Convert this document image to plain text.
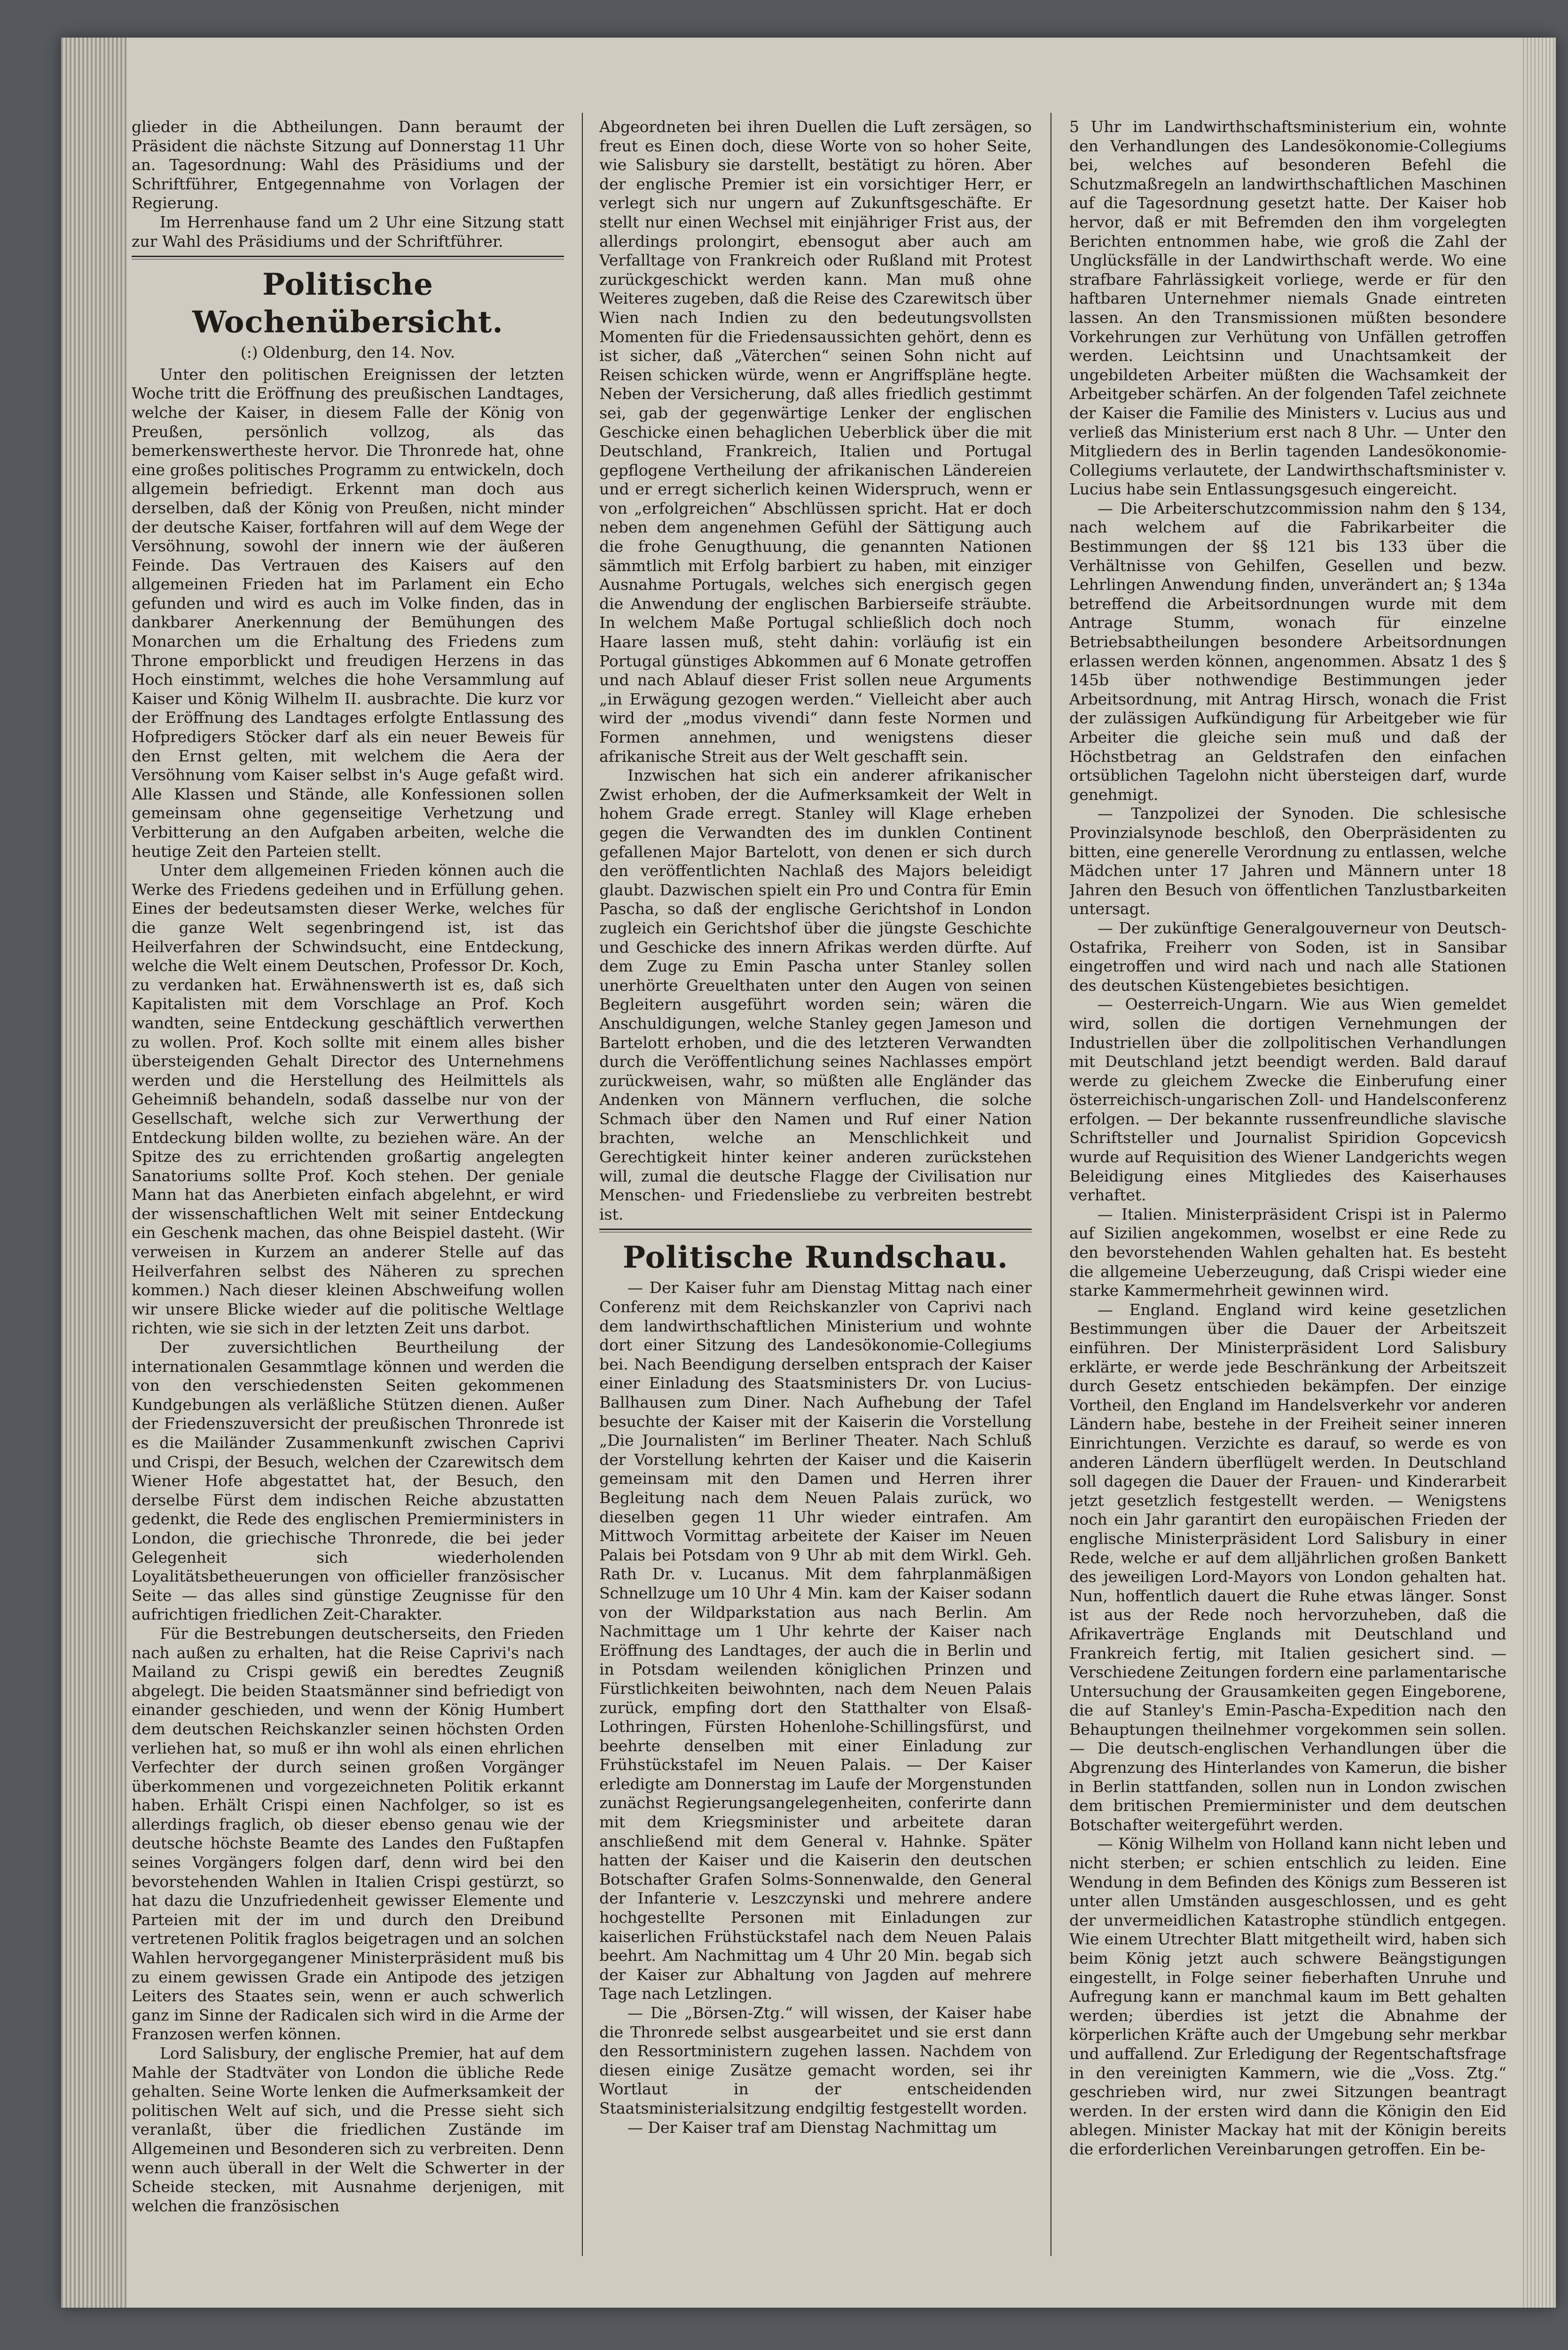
glieder in die Abtheilungen. Dann beraumt der Präsident die nächste Sitzung auf Donnerstag 11 Uhr an. Tagesordnung: Wahl des Präsidiums und der Schriftführer, Entgegennahme von Vorlagen der Regierung.

Im Herrenhause fand um 2 Uhr eine Sitzung statt zur Wahl des Präsidiums und der Schriftführer.

Politische Wochenübersicht.
(:) Oldenburg, den 14. Nov.

Unter den politischen Ereignissen der letzten Woche tritt die Eröffnung des preußischen Landtages, welche der Kaiser, in diesem Falle der König von Preußen, persönlich vollzog, als das bemerkenswertheste hervor. Die Thronrede hat, ohne eine großes politisches Programm zu entwickeln, doch allgemein befriedigt. Erkennt man doch aus derselben, daß der König von Preußen, nicht minder der deutsche Kaiser, fortfahren will auf dem Wege der Versöhnung, sowohl der innern wie der äußeren Feinde. Das Vertrauen des Kaisers auf den allgemeinen Frieden hat im Parlament ein Echo gefunden und wird es auch im Volke finden, das in dankbarer Anerkennung der Bemühungen des Monarchen um die Erhaltung des Friedens zum Throne emporblickt und freudigen Herzens in das Hoch einstimmt, welches die hohe Versammlung auf Kaiser und König Wilhelm II. ausbrachte. Die kurz vor der Eröffnung des Landtages erfolgte Entlassung des Hofpredigers Stöcker darf als ein neuer Beweis für den Ernst gelten, mit welchem die Aera der Versöhnung vom Kaiser selbst in's Auge gefaßt wird. Alle Klassen und Stände, alle Konfessionen sollen gemeinsam ohne gegenseitige Verhetzung und Verbitterung an den Aufgaben arbeiten, welche die heutige Zeit den Parteien stellt.

Unter dem allgemeinen Frieden können auch die Werke des Friedens gedeihen und in Erfüllung gehen. Eines der bedeutsamsten dieser Werke, welches für die ganze Welt segenbringend ist, ist das Heilverfahren der Schwindsucht, eine Entdeckung, welche die Welt einem Deutschen, Professor Dr. Koch, zu verdanken hat. Erwähnenswerth ist es, daß sich Kapitalisten mit dem Vorschlage an Prof. Koch wandten, seine Entdeckung geschäftlich verwerthen zu wollen. Prof. Koch sollte mit einem alles bisher übersteigenden Gehalt Director des Unternehmens werden und die Herstellung des Heilmittels als Geheimniß behandeln, sodaß dasselbe nur von der Gesellschaft, welche sich zur Verwerthung der Entdeckung bilden wollte, zu beziehen wäre. An der Spitze des zu errichtenden großartig angelegten Sanatoriums sollte Prof. Koch stehen. Der geniale Mann hat das Anerbieten einfach abgelehnt, er wird der wissenschaftlichen Welt mit seiner Entdeckung ein Geschenk machen, das ohne Beispiel dasteht. (Wir verweisen in Kurzem an anderer Stelle auf das Heilverfahren selbst des Näheren zu sprechen kommen.) Nach dieser kleinen Abschweifung wollen wir unsere Blicke wieder auf die politische Weltlage richten, wie sie sich in der letzten Zeit uns darbot.

Der zuversichtlichen Beurtheilung der internationalen Gesammtlage können und werden die von den verschiedensten Seiten gekommenen Kundgebungen als verläßliche Stützen dienen. Außer der Friedenszuversicht der preußischen Thronrede ist es die Mailänder Zusammenkunft zwischen Caprivi und Crispi, der Besuch, welchen der Czarewitsch dem Wiener Hofe abgestattet hat, der Besuch, den derselbe Fürst dem indischen Reiche abzustatten gedenkt, die Rede des englischen Premierministers in London, die griechische Thronrede, die bei jeder Gelegenheit sich wiederholenden Loyalitätsbetheuerungen von officieller französischer Seite — das alles sind günstige Zeugnisse für den aufrichtigen friedlichen Zeit-Charakter.

Für die Bestrebungen deutscherseits, den Frieden nach außen zu erhalten, hat die Reise Caprivi's nach Mailand zu Crispi gewiß ein beredtes Zeugniß abgelegt. Die beiden Staatsmänner sind befriedigt von einander geschieden, und wenn der König Humbert dem deutschen Reichskanzler seinen höchsten Orden verliehen hat, so muß er ihn wohl als einen ehrlichen Verfechter der durch seinen großen Vorgänger überkommenen und vorgezeichneten Politik erkannt haben. Erhält Crispi einen Nachfolger, so ist es allerdings fraglich, ob dieser ebenso genau wie der deutsche höchste Beamte des Landes den Fußtapfen seines Vorgängers folgen darf, denn wird bei den bevorstehenden Wahlen in Italien Crispi gestürzt, so hat dazu die Unzufriedenheit gewisser Elemente und Parteien mit der im und durch den Dreibund vertretenen Politik fraglos beigetragen und an solchen Wahlen hervorgegangener Ministerpräsident muß bis zu einem gewissen Grade ein Antipode des jetzigen Leiters des Staates sein, wenn er auch schwerlich ganz im Sinne der Radicalen sich wird in die Arme der Franzosen werfen können.

Lord Salisbury, der englische Premier, hat auf dem Mahle der Stadtväter von London die übliche Rede gehalten. Seine Worte lenken die Aufmerksamkeit der politischen Welt auf sich, und die Presse sieht sich veranlaßt, über die friedlichen Zustände im Allgemeinen und Besonderen sich zu verbreiten. Denn wenn auch überall in der Welt die Schwerter in der Scheide stecken, mit Ausnahme derjenigen, mit welchen die französischen

Abgeordneten bei ihren Duellen die Luft zersägen, so freut es Einen doch, diese Worte von so hoher Seite, wie Salisbury sie darstellt, bestätigt zu hören. Aber der englische Premier ist ein vorsichtiger Herr, er verlegt sich nur ungern auf Zukunftsgeschäfte. Er stellt nur einen Wechsel mit einjähriger Frist aus, der allerdings prolongirt, ebensogut aber auch am Verfalltage von Frankreich oder Rußland mit Protest zurückgeschickt werden kann. Man muß ohne Weiteres zugeben, daß die Reise des Czarewitsch über Wien nach Indien zu den bedeutungsvollsten Momenten für die Friedensaussichten gehört, denn es ist sicher, daß „Väterchen“ seinen Sohn nicht auf Reisen schicken würde, wenn er Angriffspläne hegte. Neben der Versicherung, daß alles friedlich gestimmt sei, gab der gegenwärtige Lenker der englischen Geschicke einen behaglichen Ueberblick über die mit Deutschland, Frankreich, Italien und Portugal gepflogene Vertheilung der afrikanischen Ländereien und er erregt sicherlich keinen Widerspruch, wenn er von „erfolgreichen“ Abschlüssen spricht. Hat er doch neben dem angenehmen Gefühl der Sättigung auch die frohe Genugthuung, die genannten Nationen sämmtlich mit Erfolg barbiert zu haben, mit einziger Ausnahme Portugals, welches sich energisch gegen die Anwendung der englischen Barbierseife sträubte. In welchem Maße Portugal schließlich doch noch Haare lassen muß, steht dahin: vorläufig ist ein Portugal günstiges Abkommen auf 6 Monate getroffen und nach Ablauf dieser Frist sollen neue Arguments „in Erwägung gezogen werden.“ Vielleicht aber auch wird der „modus vivendi“ dann feste Normen und Formen annehmen, und wenigstens dieser afrikanische Streit aus der Welt geschafft sein.

Inzwischen hat sich ein anderer afrikanischer Zwist erhoben, der die Aufmerksamkeit der Welt in hohem Grade erregt. Stanley will Klage erheben gegen die Verwandten des im dunklen Continent gefallenen Major Bartelott, von denen er sich durch den veröffentlichten Nachlaß des Majors beleidigt glaubt. Dazwischen spielt ein Pro und Contra für Emin Pascha, so daß der englische Gerichtshof in London zugleich ein Gerichtshof über die jüngste Geschichte und Geschicke des innern Afrikas werden dürfte. Auf dem Zuge zu Emin Pascha unter Stanley sollen unerhörte Greuelthaten unter den Augen von seinen Begleitern ausgeführt worden sein; wären die Anschuldigungen, welche Stanley gegen Jameson und Bartelott erhoben, und die des letzteren Verwandten durch die Veröffentlichung seines Nachlasses empört zurückweisen, wahr, so müßten alle Engländer das Andenken von Männern verfluchen, die solche Schmach über den Namen und Ruf einer Nation brachten, welche an Menschlichkeit und Gerechtigkeit hinter keiner anderen zurückstehen will, zumal die deutsche Flagge der Civilisation nur Menschen- und Friedensliebe zu verbreiten bestrebt ist.

Politische Rundschau.

— Der Kaiser fuhr am Dienstag Mittag nach einer Conferenz mit dem Reichskanzler von Caprivi nach dem landwirthschaftlichen Ministerium und wohnte dort einer Sitzung des Landesökonomie-Collegiums bei. Nach Beendigung derselben entsprach der Kaiser einer Einladung des Staatsministers Dr. von Lucius-Ballhausen zum Diner. Nach Aufhebung der Tafel besuchte der Kaiser mit der Kaiserin die Vorstellung „Die Journalisten“ im Berliner Theater. Nach Schluß der Vorstellung kehrten der Kaiser und die Kaiserin gemeinsam mit den Damen und Herren ihrer Begleitung nach dem Neuen Palais zurück, wo dieselben gegen 11 Uhr wieder eintrafen. Am Mittwoch Vormittag arbeitete der Kaiser im Neuen Palais bei Potsdam von 9 Uhr ab mit dem Wirkl. Geh. Rath Dr. v. Lucanus. Mit dem fahrplanmäßigen Schnellzuge um 10 Uhr 4 Min. kam der Kaiser sodann von der Wildparkstation aus nach Berlin. Am Nachmittage um 1 Uhr kehrte der Kaiser nach Eröffnung des Landtages, der auch die in Berlin und in Potsdam weilenden königlichen Prinzen und Fürstlichkeiten beiwohnten, nach dem Neuen Palais zurück, empfing dort den Statthalter von Elsaß-Lothringen, Fürsten Hohenlohe-Schillingsfürst, und beehrte denselben mit einer Einladung zur Frühstückstafel im Neuen Palais. — Der Kaiser erledigte am Donnerstag im Laufe der Morgenstunden zunächst Regierungsangelegenheiten, conferirte dann mit dem Kriegsminister und arbeitete daran anschließend mit dem General v. Hahnke. Später hatten der Kaiser und die Kaiserin den deutschen Botschafter Grafen Solms-Sonnenwalde, den General der Infanterie v. Leszczynski und mehrere andere hochgestellte Personen mit Einladungen zur kaiserlichen Frühstückstafel nach dem Neuen Palais beehrt. Am Nachmittag um 4 Uhr 20 Min. begab sich der Kaiser zur Abhaltung von Jagden auf mehrere Tage nach Letzlingen.

— Die „Börsen-Ztg.“ will wissen, der Kaiser habe die Thronrede selbst ausgearbeitet und sie erst dann den Ressortministern zugehen lassen. Nachdem von diesen einige Zusätze gemacht worden, sei ihr Wortlaut in der entscheidenden Staatsministerialsitzung endgiltig festgestellt worden.

— Der Kaiser traf am Dienstag Nachmittag um

5 Uhr im Landwirthschaftsministerium ein, wohnte den Verhandlungen des Landesökonomie-Collegiums bei, welches auf besonderen Befehl die Schutzmaßregeln an landwirthschaftlichen Maschinen auf die Tagesordnung gesetzt hatte. Der Kaiser hob hervor, daß er mit Befremden den ihm vorgelegten Berichten entnommen habe, wie groß die Zahl der Unglücksfälle in der Landwirthschaft werde. Wo eine strafbare Fahrlässigkeit vorliege, werde er für den haftbaren Unternehmer niemals Gnade eintreten lassen. An den Transmissionen müßten besondere Vorkehrungen zur Verhütung von Unfällen getroffen werden. Leichtsinn und Unachtsamkeit der ungebildeten Arbeiter müßten die Wachsamkeit der Arbeitgeber schärfen. An der folgenden Tafel zeichnete der Kaiser die Familie des Ministers v. Lucius aus und verließ das Ministerium erst nach 8 Uhr. — Unter den Mitgliedern des in Berlin tagenden Landesökonomie-Collegiums verlautete, der Landwirthschaftsminister v. Lucius habe sein Entlassungsgesuch eingereicht.

— Die Arbeiterschutzcommission nahm den § 134, nach welchem auf die Fabrikarbeiter die Bestimmungen der §§ 121 bis 133 über die Verhältnisse von Gehilfen, Gesellen und bezw. Lehrlingen Anwendung finden, unverändert an; § 134a betreffend die Arbeitsordnungen wurde mit dem Antrage Stumm, wonach für einzelne Betriebsabtheilungen besondere Arbeitsordnungen erlassen werden können, angenommen. Absatz 1 des § 145b über nothwendige Bestimmungen jeder Arbeitsordnung, mit Antrag Hirsch, wonach die Frist der zulässigen Aufkündigung für Arbeitgeber wie für Arbeiter die gleiche sein muß und daß der Höchstbetrag an Geldstrafen den einfachen ortsüblichen Tagelohn nicht übersteigen darf, wurde genehmigt.

— Tanzpolizei der Synoden. Die schlesische Provinzialsynode beschloß, den Oberpräsidenten zu bitten, eine generelle Verordnung zu entlassen, welche Mädchen unter 17 Jahren und Männern unter 18 Jahren den Besuch von öffentlichen Tanzlustbarkeiten untersagt.

— Der zukünftige Generalgouverneur von Deutsch-Ostafrika, Freiherr von Soden, ist in Sansibar eingetroffen und wird nach und nach alle Stationen des deutschen Küstengebietes besichtigen.

— Oesterreich-Ungarn. Wie aus Wien gemeldet wird, sollen die dortigen Vernehmungen der Industriellen über die zollpolitischen Verhandlungen mit Deutschland jetzt beendigt werden. Bald darauf werde zu gleichem Zwecke die Einberufung einer österreichisch-ungarischen Zoll- und Handelsconferenz erfolgen. — Der bekannte russenfreundliche slavische Schriftsteller und Journalist Spiridion Gopcevicsh wurde auf Requisition des Wiener Landgerichts wegen Beleidigung eines Mitgliedes des Kaiserhauses verhaftet.

— Italien. Ministerpräsident Crispi ist in Palermo auf Sizilien angekommen, woselbst er eine Rede zu den bevorstehenden Wahlen gehalten hat. Es besteht die allgemeine Ueberzeugung, daß Crispi wieder eine starke Kammermehrheit gewinnen wird.

— England. England wird keine gesetzlichen Bestimmungen über die Dauer der Arbeitszeit einführen. Der Ministerpräsident Lord Salisbury erklärte, er werde jede Beschränkung der Arbeitszeit durch Gesetz entschieden bekämpfen. Der einzige Vortheil, den England im Handelsverkehr vor anderen Ländern habe, bestehe in der Freiheit seiner inneren Einrichtungen. Verzichte es darauf, so werde es von anderen Ländern überflügelt werden. In Deutschland soll dagegen die Dauer der Frauen- und Kinderarbeit jetzt gesetzlich festgestellt werden. — Wenigstens noch ein Jahr garantirt den europäischen Frieden der englische Ministerpräsident Lord Salisbury in einer Rede, welche er auf dem alljährlichen großen Bankett des jeweiligen Lord-Mayors von London gehalten hat. Nun, hoffentlich dauert die Ruhe etwas länger. Sonst ist aus der Rede noch hervorzuheben, daß die Afrikaverträge Englands mit Deutschland und Frankreich fertig, mit Italien gesichert sind. — Verschiedene Zeitungen fordern eine parlamentarische Untersuchung der Grausamkeiten gegen Eingeborene, die auf Stanley's Emin-Pascha-Expedition nach den Behauptungen theilnehmer vorgekommen sein sollen. — Die deutsch-englischen Verhandlungen über die Abgrenzung des Hinterlandes von Kamerun, die bisher in Berlin stattfanden, sollen nun in London zwischen dem britischen Premierminister und dem deutschen Botschafter weitergeführt werden.

— König Wilhelm von Holland kann nicht leben und nicht sterben; er schien entschlich zu leiden. Eine Wendung in dem Befinden des Königs zum Besseren ist unter allen Umständen ausgeschlossen, und es geht der unvermeidlichen Katastrophe stündlich entgegen. Wie einem Utrechter Blatt mitgetheilt wird, haben sich beim König jetzt auch schwere Beängstigungen eingestellt, in Folge seiner fieberhaften Unruhe und Aufregung kann er manchmal kaum im Bett gehalten werden; überdies ist jetzt die Abnahme der körperlichen Kräfte auch der Umgebung sehr merkbar und auffallend. Zur Erledigung der Regentschaftsfrage in den vereinigten Kammern, wie die „Voss. Ztg.“ geschrieben wird, nur zwei Sitzungen beantragt werden. In der ersten wird dann die Königin den Eid ablegen. Minister Mackay hat mit der Königin bereits die erforderlichen Vereinbarungen getroffen. Ein be-
